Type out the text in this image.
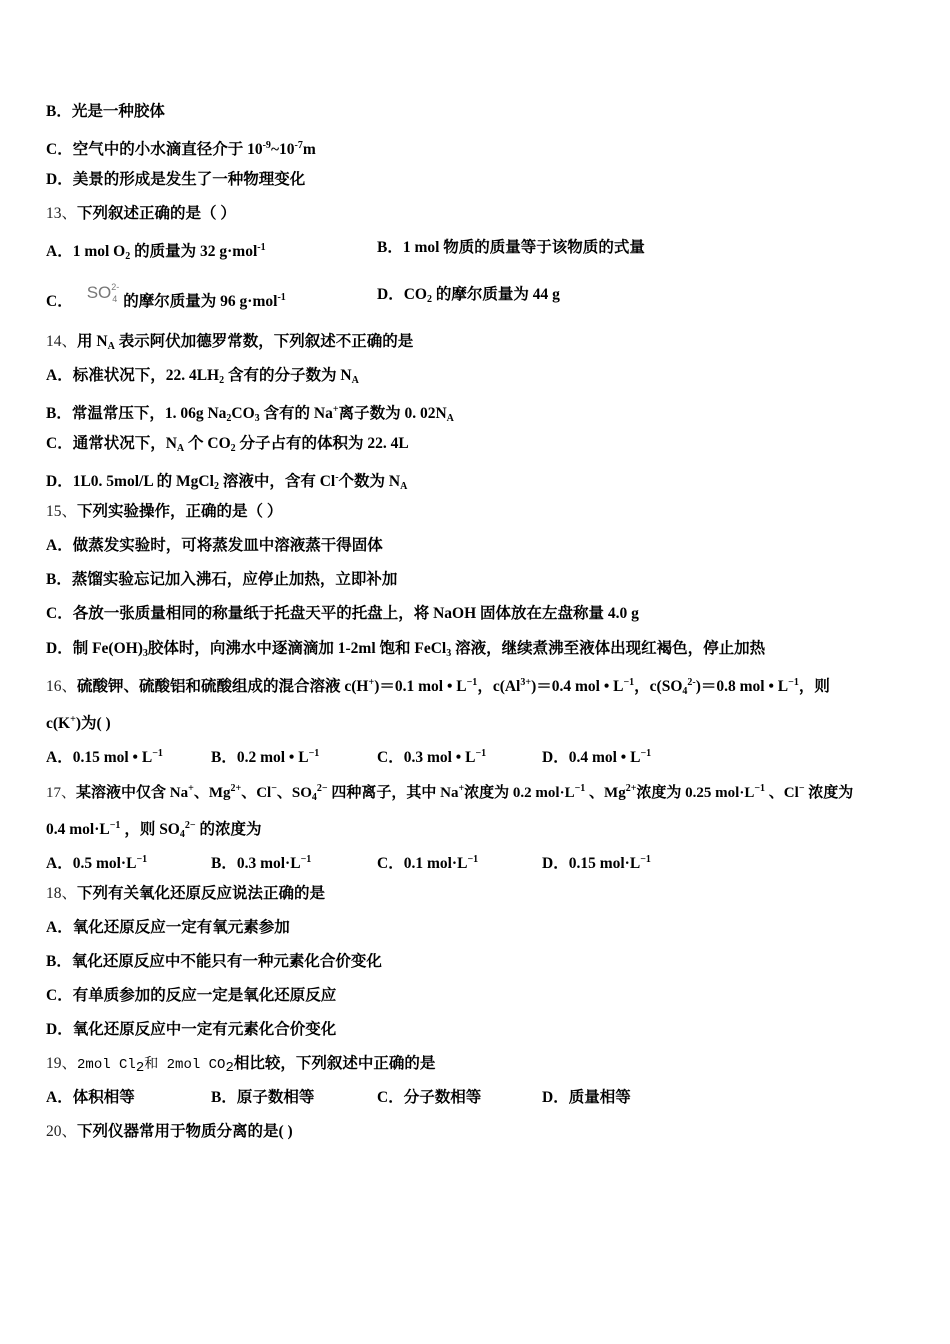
B．光是一种胶体
C．空气中的小水滴直径介于 $10^{-9}\sim 10^{-7}m$
D．美景的形成是发生了一种物理变化
13、下列叙述正确的是（ ）
A．1 mol $O_2$ 的质量为 32 g·mol$^{-1}$	B．1 mol 物质的质量等于该物质的式量
C． $SO^{2-}_4$ 的摩尔质量为 96 g·mol$^{-1}$	D．$CO_2$ 的摩尔质量为 44 g
14、用 $N_A$ 表示阿伏加德罗常数，下列叙述不正确的是
A．标准状况下，22. $4LH_2$ 含有的分子数为 $N_A$
B．常温常压下，1. 06g $Na_2CO_3$ 含有的 Na+离子数为 0. $02N_A$
C．通常状况下，$N_A$ 个 $CO_2$ 分子占有的体积为 22. 4L
D．1L0. 5mol/L 的 MgCl$_2$ 溶液中，含有 Cl-个数为 $N_A$
15、下列实验操作，正确的是（ ）
A．做蒸发实验时，可将蒸发皿中溶液蒸干得固体
B．蒸馏实验忘记加入沸石，应停止加热，立即补加
C．各放一张质量相同的称量纸于托盘天平的托盘上，将 NaOH 固体放在左盘称量 4.0 g
D．制 $Fe(OH)_3$胶体时，向沸水中逐滴滴加 1-2ml 饱和 FeCl$_3$ 溶液，继续煮沸至液体出现红褐色，停止加热
16、硫酸钾、硫酸铝和硫酸组成的混合溶液 c(H+)＝0.1 mol • $L^{-1}$，$c(Al^{3+})=0.4$ mol • $L^{-1}$，$c(SO_4^{2-})=0.8$ mol • $L^{-1}$，则
c(K+)为( )
A．0.15 mol • $L^{-1}$	B．0.2 mol • $L^{-1}$	C．0.3 mol • $L^{-1}$	D．0.4 mol • $L^{-1}$
17、某溶液中仅含 Na+、$Mg^{2+}$、Cl−、$SO_4^{2-}$ 四种离子，其中 Na+浓度为 0.2 $mol\cdot L^{-1}$ 、$Mg^{2+}$浓度为 0.25 $mol\cdot L^{-1}$ 、Cl− 浓度为
0.4 $mol\cdot L^{-1}$ ，则 $SO_4^{2-}$ 的浓度为
A．0.5 $mol\cdot L^{-1}$	B．0.3 $mol\cdot L^{-1}$	C．0.1 $mol\cdot L^{-1}$	D．0.15 $mol\cdot L^{-1}$
18、下列有关氧化还原反应说法正确的是
A．氧化还原反应一定有氧元素参加
B．氧化还原反应中不能只有一种元素化合价变化
C．有单质参加的反应一定是氧化还原反应
D．氧化还原反应中一定有元素化合价变化
19、2mol Cl2和 2mol CO2相比较，下列叙述中正确的是
A．体积相等	B．原子数相等	C．分子数相等	D．质量相等
20、下列仪器常用于物质分离的是( )
